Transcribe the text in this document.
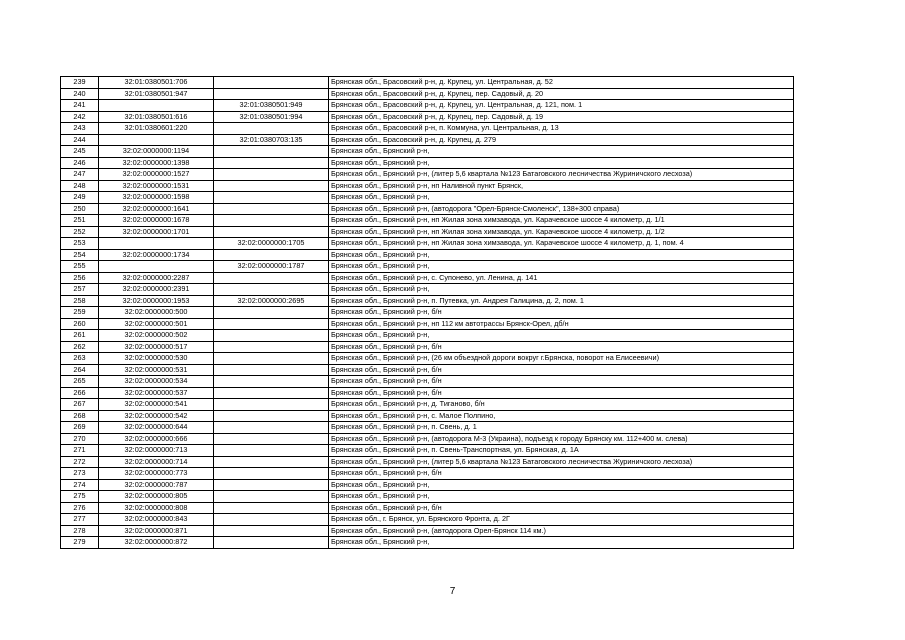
239	32:01:0380501:706		Брянская обл., Брасовский р-н, д. Крупец, ул. Центральная, д. 52
240	32:01:0380501:947		Брянская обл., Брасовский р-н, д. Крупец, пер. Садовый, д. 20
241		32:01:0380501:949	Брянская обл., Брасовский р-н, д. Крупец, ул. Центральная, д. 121, пом. 1
242	32:01:0380501:616	32:01:0380501:994	Брянская обл., Брасовский р-н, д. Крупец, пер. Садовый, д. 19
243	32:01:0380601:220		Брянская обл., Брасовский р-н, п. Коммуна, ул. Центральная, д. 13
244		32:01:0380703:135	Брянская обл., Брасовский р-н, д. Крупец, д. 279
245	32:02:0000000:1194		Брянская обл., Брянский р-н,
246	32:02:0000000:1398		Брянская обл., Брянский р-н,
247	32:02:0000000:1527		Брянская обл., Брянский р-н, (литер 5,6 квартала №123 Батаговского лесничества Журиничского лесхоза)
248	32:02:0000000:1531		Брянская обл., Брянский р-н, нп Наливной пункт Брянск,
249	32:02:0000000:1598		Брянская обл., Брянский р-н,
250	32:02:0000000:1641		Брянская обл., Брянский р-н, (автодорога "Орел-Брянск-Смоленск", 138+300 справа)
251	32:02:0000000:1678		Брянская обл., Брянский р-н, нп Жилая зона химзавода, ул. Карачевское шоссе 4 километр, д. 1/1
252	32:02:0000000:1701		Брянская обл., Брянский р-н, нп Жилая зона химзавода, ул. Карачевское шоссе 4 километр, д. 1/2
253		32:02:0000000:1705	Брянская обл., Брянский р-н, нп Жилая зона химзавода, ул. Карачевское шоссе 4 километр, д. 1, пом. 4
254	32:02:0000000:1734		Брянская обл., Брянский р-н,
255		32:02:0000000:1787	Брянская обл., Брянский р-н,
256	32:02:0000000:2287		Брянская обл., Брянский р-н, с. Супонево, ул. Ленина, д. 141
257	32:02:0000000:2391		Брянская обл., Брянский р-н,
258	32:02:0000000:1953	32:02:0000000:2695	Брянская обл., Брянский р-н, п. Путевка, ул. Андрея Галицина, д. 2, пом. 1
259	32:02:0000000:500		Брянская обл., Брянский р-н, б/н
260	32:02:0000000:501		Брянская обл., Брянский р-н, нп 112 км автотрассы Брянск-Орел, дб/н
261	32:02:0000000:502		Брянская обл., Брянский р-н,
262	32:02:0000000:517		Брянская обл., Брянский р-н, б/н
263	32:02:0000000:530		Брянская обл., Брянский р-н, (26 км объездной дороги вокруг г.Брянска, поворот на Елисеевичи)
264	32:02:0000000:531		Брянская обл., Брянский р-н, б/н
265	32:02:0000000:534		Брянская обл., Брянский р-н, б/н
266	32:02:0000000:537		Брянская обл., Брянский р-н, б/н
267	32:02:0000000:541		Брянская обл., Брянский р-н, д. Тиганово, б/н
268	32:02:0000000:542		Брянская обл., Брянский р-н, с. Малое Полпино,
269	32:02:0000000:644		Брянская обл., Брянский р-н, п. Свень, д. 1
270	32:02:0000000:666		Брянская обл., Брянский р-н, (автодорога М-3 (Украина), подъезд к городу Брянску км. 112+400 м. слева)
271	32:02:0000000:713		Брянская обл., Брянский р-н, п. Свень-Транспортная, ул. Брянская, д. 1А
272	32:02:0000000:714		Брянская обл., Брянский р-н, (литер 5,6 квартала №123 Батаговского лесничества Журиничского лесхоза)
273	32:02:0000000:773		Брянская обл., Брянский р-н, б/н
274	32:02:0000000:787		Брянская обл., Брянский р-н,
275	32:02:0000000:805		Брянская обл., Брянский р-н,
276	32:02:0000000:808		Брянская обл., Брянский р-н, б/н
277	32:02:0000000:843		Брянская обл., г. Брянск, ул. Брянского Фронта, д. 2Г
278	32:02:0000000:871		Брянская обл., Брянский р-н, (автодорога Орел-Брянск 114 км.)
279	32:02:0000000:872		Брянская обл., Брянский р-н,
7
